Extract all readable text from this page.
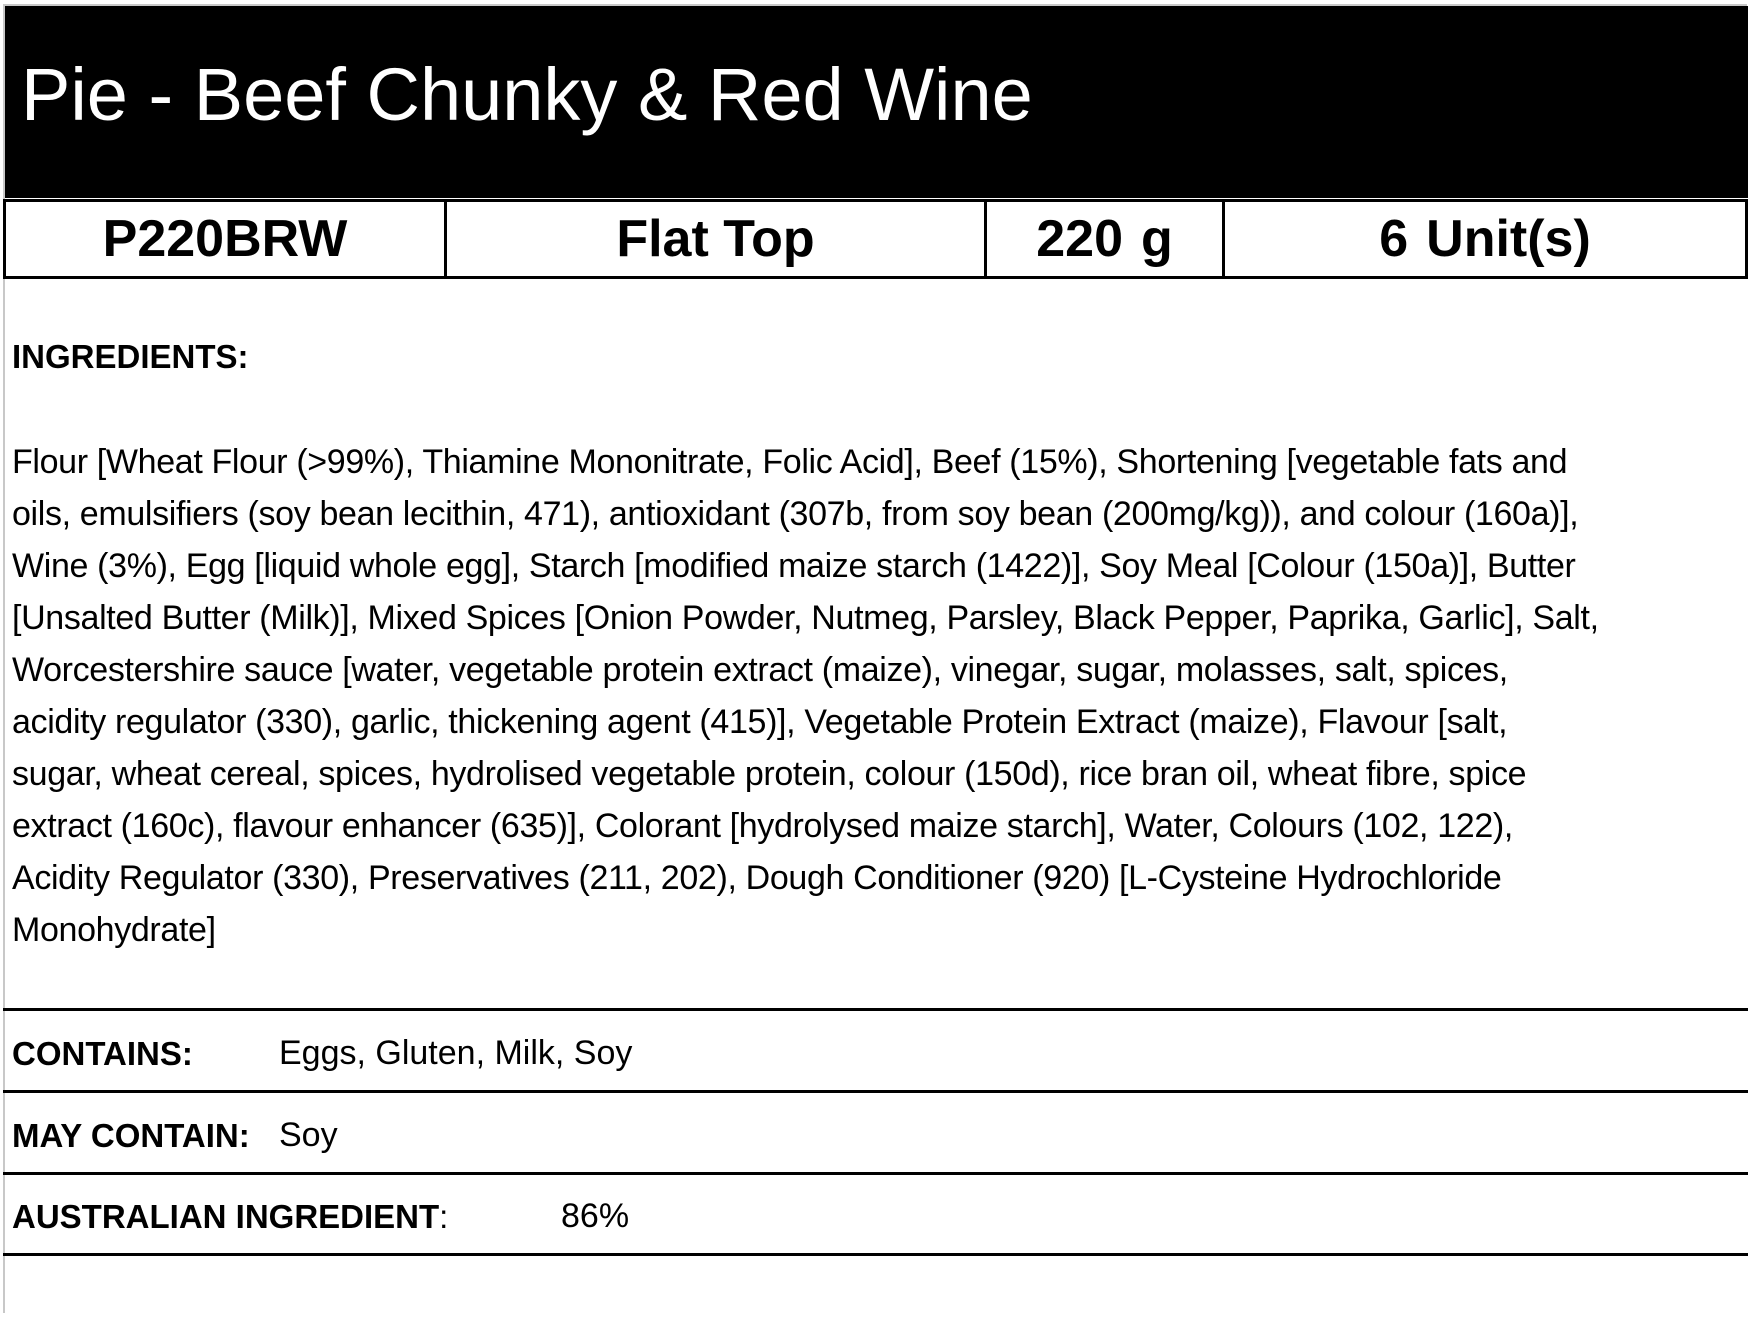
Pie - Beef Chunky & Red Wine
P220BRW	Flat Top	220 g	6 Unit(s)
INGREDIENTS:
Flour [Wheat Flour (>99%), Thiamine Mononitrate, Folic Acid], Beef (15%), Shortening [vegetable fats and
oils, emulsifiers (soy bean lecithin, 471), antioxidant (307b, from soy bean (200mg/kg)), and colour (160a)],
Wine (3%), Egg [liquid whole egg], Starch [modified maize starch (1422)], Soy Meal [Colour (150a)], Butter
[Unsalted Butter (Milk)], Mixed Spices [Onion Powder, Nutmeg, Parsley, Black Pepper, Paprika, Garlic], Salt,
Worcestershire sauce [water, vegetable protein extract (maize), vinegar, sugar, molasses, salt, spices,
acidity regulator (330), garlic, thickening agent (415)], Vegetable Protein Extract (maize), Flavour [salt,
sugar, wheat cereal, spices, hydrolised vegetable protein, colour (150d), rice bran oil, wheat fibre, spice
extract (160c), flavour enhancer (635)], Colorant [hydrolysed maize starch], Water, Colours (102, 122),
Acidity Regulator (330), Preservatives (211, 202), Dough Conditioner (920) [L-Cysteine Hydrochloride
Monohydrate]
CONTAINS:	Eggs, Gluten, Milk, Soy
MAY CONTAIN: Soy
AUSTRALIAN INGREDIENT:	86%
